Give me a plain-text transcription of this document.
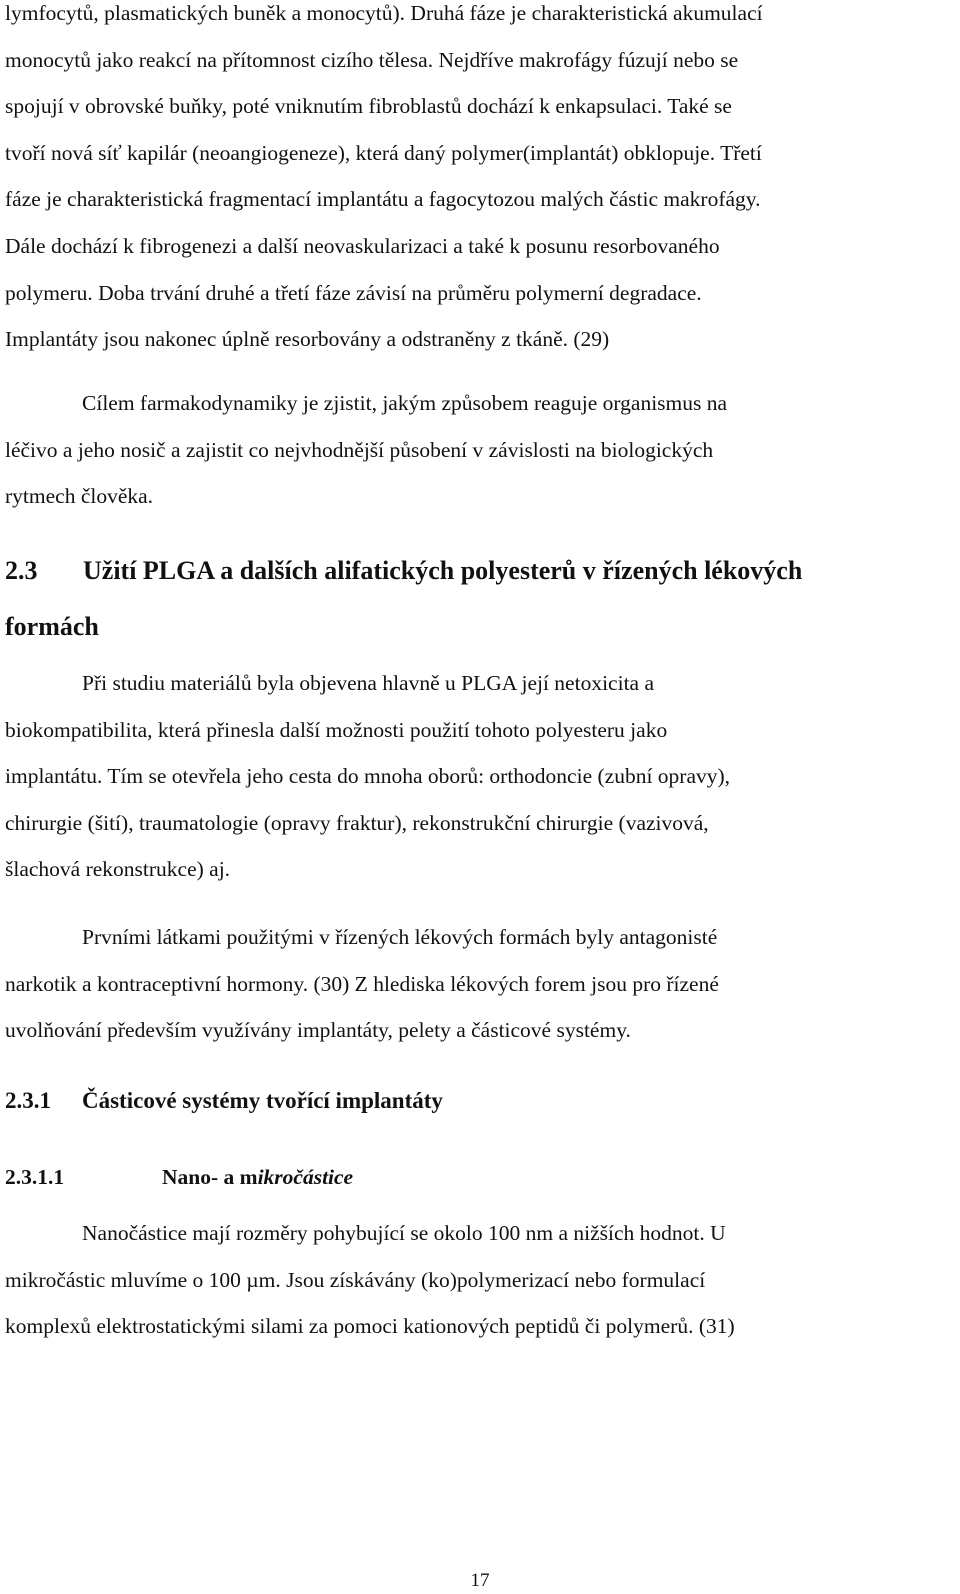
lymfocytů, plasmatických buněk a monocytů). Druhá fáze je charakteristická akumulací
monocytů jako reakcí na přítomnost cizího tělesa. Nejdříve makrofágy fúzují nebo se
spojují v obrovské buňky, poté vniknutím fibroblastů dochází k enkapsulaci. Také se
tvoří nová síť kapilár (neoangiogeneze), která daný polymer(implantát) obklopuje. Třetí
fáze je charakteristická fragmentací implantátu a fagocytozou malých částic makrofágy.
Dále dochází k fibrogenezi a další neovaskularizaci a také k posunu resorbovaného
polymeru. Doba trvání druhé a třetí fáze závisí na průměru polymerní degradace.
Implantáty jsou nakonec úplně resorbovány a odstraněny z tkáně. (29)

Cílem farmakodynamiky je zjistit, jakým způsobem reaguje organismus na
léčivo a jeho nosič a zajistit co nejvhodnější působení v závislosti na biologických
rytmech člověka.

2.3 Užití PLGA a dalších alifatických polyesterů v řízených lékových
formách

Při studiu materiálů byla objevena hlavně u PLGA její netoxicita a
biokompatibilita, která přinesla další možnosti použití tohoto polyesteru jako
implantátu. Tím se otevřela jeho cesta do mnoha oborů: orthodoncie (zubní opravy),
chirurgie (šití), traumatologie (opravy fraktur), rekonstrukční chirurgie (vazivová,
šlachová rekonstrukce) aj.

Prvními látkami použitými v řízených lékových formách byly antagonisté
narkotik a kontraceptivní hormony. (30) Z hlediska lékových forem jsou pro řízené
uvolňování především využívány implantáty, pelety a částicové systémy.

2.3.1 Částicové systémy tvořící implantáty
2.3.1.1	Nano- a mikročástice

Nanočástice mají rozměry pohybující se okolo 100 nm a nižších hodnot. U
mikročástic mluvíme o 100 µm. Jsou získávány (ko)polymerizací nebo formulací
komplexů elektrostatickými silami za pomoci kationových peptidů či polymerů. (31)

17
